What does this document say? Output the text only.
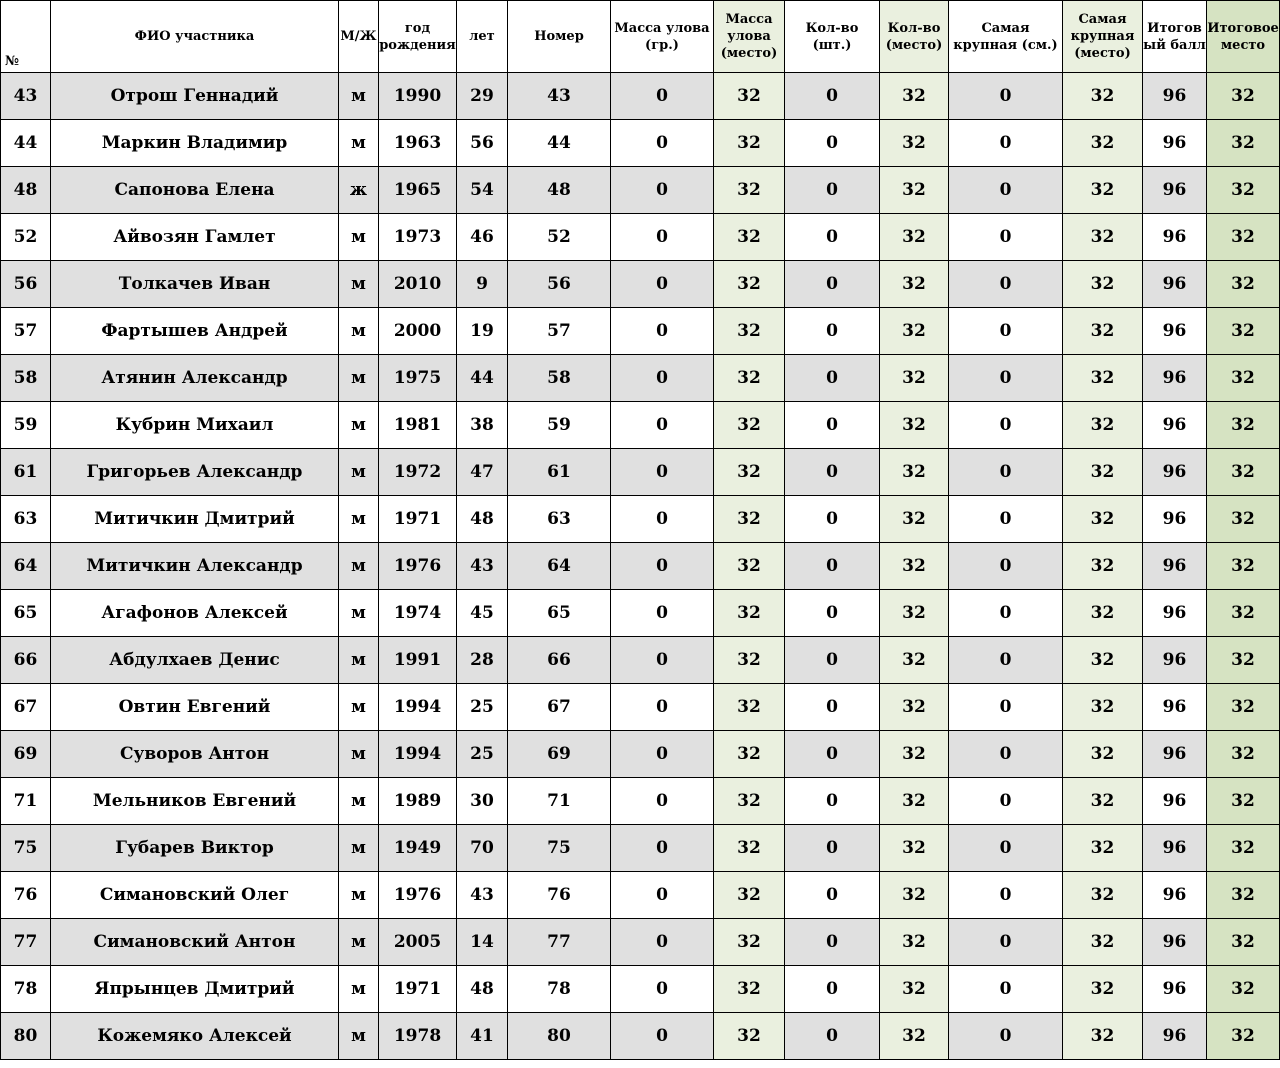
№	ФИО участника	М/Ж	год рождения	лет	Номер	Масса улова (гр.)	Масса улова (место)	Кол-во (шт.)	Кол-во (место)	Самая крупная (см.)	Самая крупная (место)	Итогов ый балл	Итоговое место
43	Отрош Геннадий	м	1990	29	43	0	32	0	32	0	32	96	32
44	Маркин Владимир	м	1963	56	44	0	32	0	32	0	32	96	32
48	Сапонова Елена	ж	1965	54	48	0	32	0	32	0	32	96	32
52	Айвозян Гамлет	м	1973	46	52	0	32	0	32	0	32	96	32
56	Толкачев Иван	м	2010	9	56	0	32	0	32	0	32	96	32
57	Фартышев Андрей	м	2000	19	57	0	32	0	32	0	32	96	32
58	Атянин Александр	м	1975	44	58	0	32	0	32	0	32	96	32
59	Кубрин Михаил	м	1981	38	59	0	32	0	32	0	32	96	32
61	Григорьев Александр	м	1972	47	61	0	32	0	32	0	32	96	32
63	Митичкин Дмитрий	м	1971	48	63	0	32	0	32	0	32	96	32
64	Митичкин Александр	м	1976	43	64	0	32	0	32	0	32	96	32
65	Агафонов Алексей	м	1974	45	65	0	32	0	32	0	32	96	32
66	Абдулхаев Денис	м	1991	28	66	0	32	0	32	0	32	96	32
67	Овтин Евгений	м	1994	25	67	0	32	0	32	0	32	96	32
69	Суворов Антон	м	1994	25	69	0	32	0	32	0	32	96	32
71	Мельников Евгений	м	1989	30	71	0	32	0	32	0	32	96	32
75	Губарев Виктор	м	1949	70	75	0	32	0	32	0	32	96	32
76	Симановский Олег	м	1976	43	76	0	32	0	32	0	32	96	32
77	Симановский Антон	м	2005	14	77	0	32	0	32	0	32	96	32
78	Япрынцев Дмитрий	м	1971	48	78	0	32	0	32	0	32	96	32
80	Кожемяко Алексей	м	1978	41	80	0	32	0	32	0	32	96	32
